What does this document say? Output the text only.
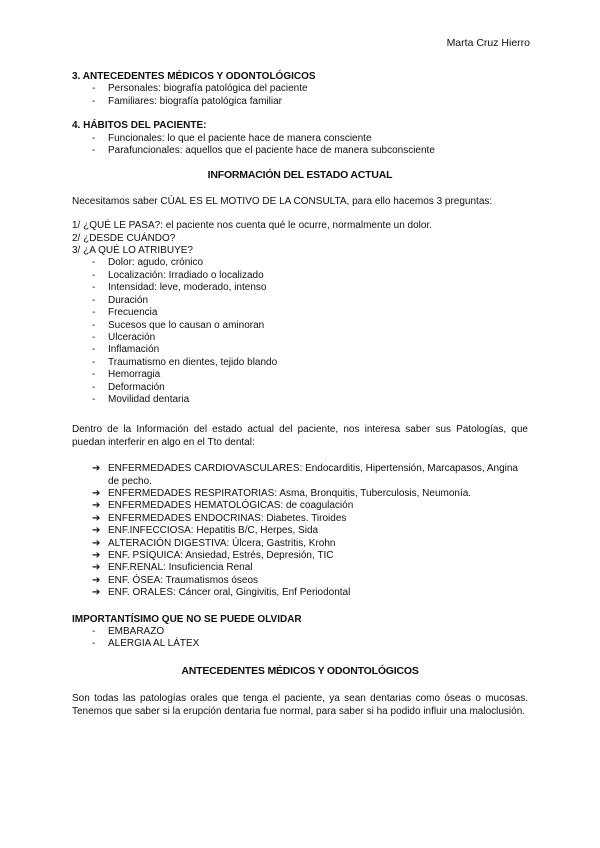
Marta Cruz Hierro
3. ANTECEDENTES MÉDICOS Y ODONTOLÓGICOS
- Personales: biografía patológica del paciente
- Familiares: biografía patológica familiar
4. HÁBITOS DEL PACIENTE:
- Funcionales: lo que el paciente hace de manera consciente
- Parafuncionales: aquellos que el paciente hace de manera subconsciente
INFORMACIÓN DEL ESTADO ACTUAL
Necesitamos saber CÚAL ES EL MOTIVO DE LA CONSULTA, para ello hacemos 3 preguntas:
1/ ¿QUÉ LE PASA?: el paciente nos cuenta qué le ocurre, normalmente un dolor.
2/ ¿DESDE CUÁNDO?
3/ ¿A QUÉ LO ATRIBUYE?
- Dolor: agudo, crónico
- Localización: Irradiado o localizado
- Intensidad: leve, moderado, intenso
- Duración
- Frecuencia
- Sucesos que lo causan o aminoran
- Ulceración
- Inflamación
- Traumatismo en dientes, tejido blando
- Hemorragia
- Deformación
- Movilidad dentaria
Dentro de la Información del estado actual del paciente, nos interesa saber sus Patologías, que puedan interferir en algo en el Tto dental:
➔ ENFERMEDADES CARDIOVASCULARES: Endocarditis, Hipertensión, Marcapasos, Angina de pecho.
➔ ENFERMEDADES RESPIRATORIAS: Asma, Bronquitis, Tuberculosis, Neumonía.
➔ ENFERMEDADES HEMATOLÓGICAS: de coagulación
➔ ENFERMEDADES ENDOCRINAS: Diabetes. Tiroides
➔ ENF.INFECCIOSA: Hepatitis B/C, Herpes, Sida
➔ ALTERACIÓN DIGESTIVA: Úlcera, Gastritis, Krohn
➔ ENF. PSÍQUICA: Ansiedad, Estrés, Depresión, TIC
➔ ENF.RENAL: Insuficiencia Renal
➔ ENF. ÓSEA: Traumatismos óseos
➔ ENF. ORALES: Cáncer oral, Gingivitis, Enf Periodontal
IMPORTANTÍSIMO QUE NO SE PUEDE OLVIDAR
- EMBARAZO
- ALERGIA AL LÁTEX
ANTECEDENTES MÉDICOS Y ODONTOLÓGICOS
Son todas las patologías orales que tenga el paciente, ya sean dentarias como óseas o mucosas. Tenemos que saber si la erupción dentaria fue normal, para saber si ha podido influir una maloclusión.
